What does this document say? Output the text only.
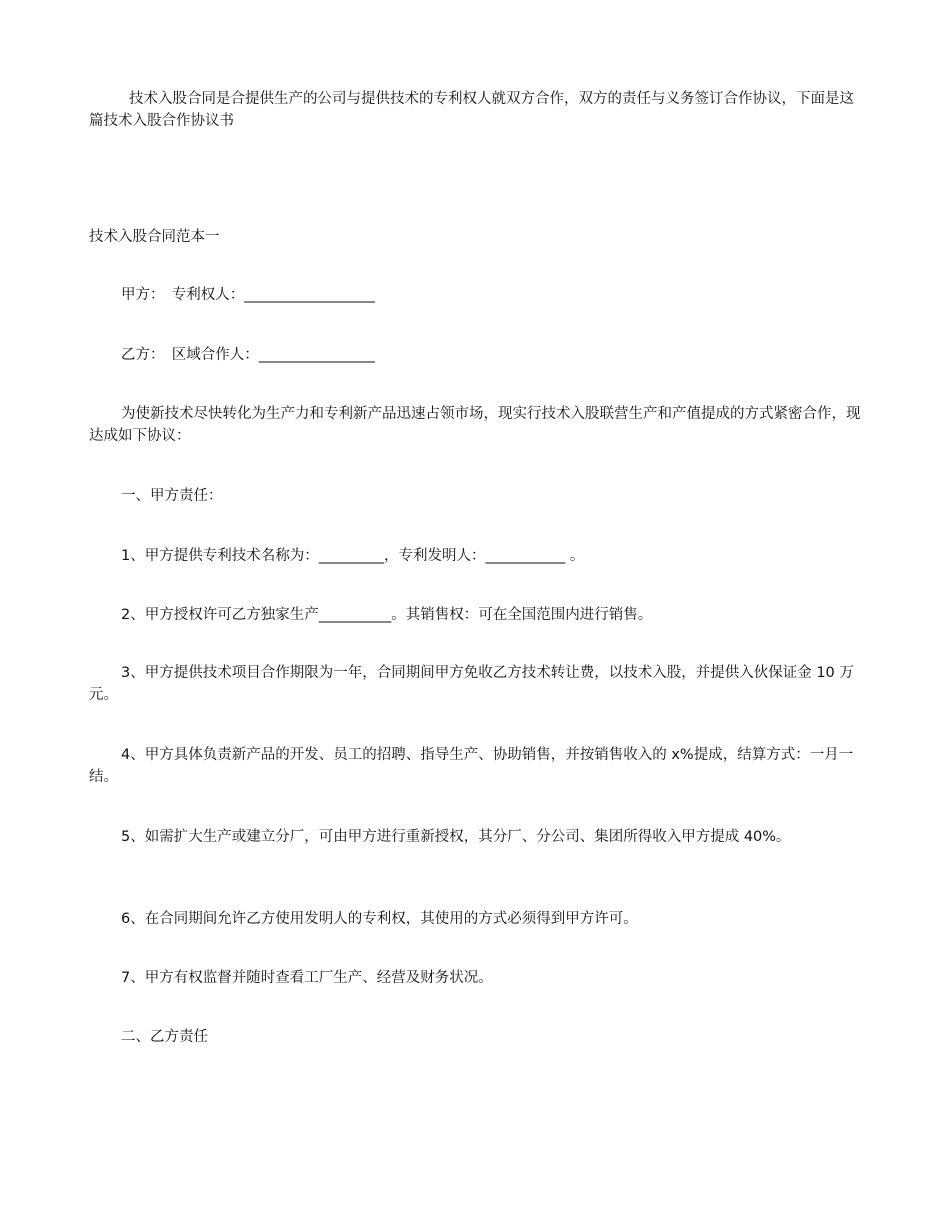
技术入股合同是合提供生产的公司与提供技术的专利权人就双方合作，双方的责任与义务签订合作协议，下面是这篇技术入股合作协议书

技术入股合同范本一

甲方：　专利权人：__________________

乙方：　区域合作人：________________

为使新技术尽快转化为生产力和专利新产品迅速占领市场，现实行技术入股联营生产和产值提成的方式紧密合作，现达成如下协议：

一、甲方责任：

1、甲方提供专利技术名称为：_________，专利发明人：___________ 。

2、甲方授权许可乙方独家生产__________。其销售权：可在全国范围内进行销售。

3、甲方提供技术项目合作期限为一年，合同期间甲方免收乙方技术转让费，以技术入股，并提供入伙保证金 10 万元。

4、甲方具体负责新产品的开发、员工的招聘、指导生产、协助销售，并按销售收入的 x%提成，结算方式：一月一结。

5、如需扩大生产或建立分厂，可由甲方进行重新授权，其分厂、分公司、集团所得收入甲方提成 40%。

6、在合同期间允许乙方使用发明人的专利权，其使用的方式必须得到甲方许可。

7、甲方有权监督并随时查看工厂生产、经营及财务状况。

二、乙方责任
